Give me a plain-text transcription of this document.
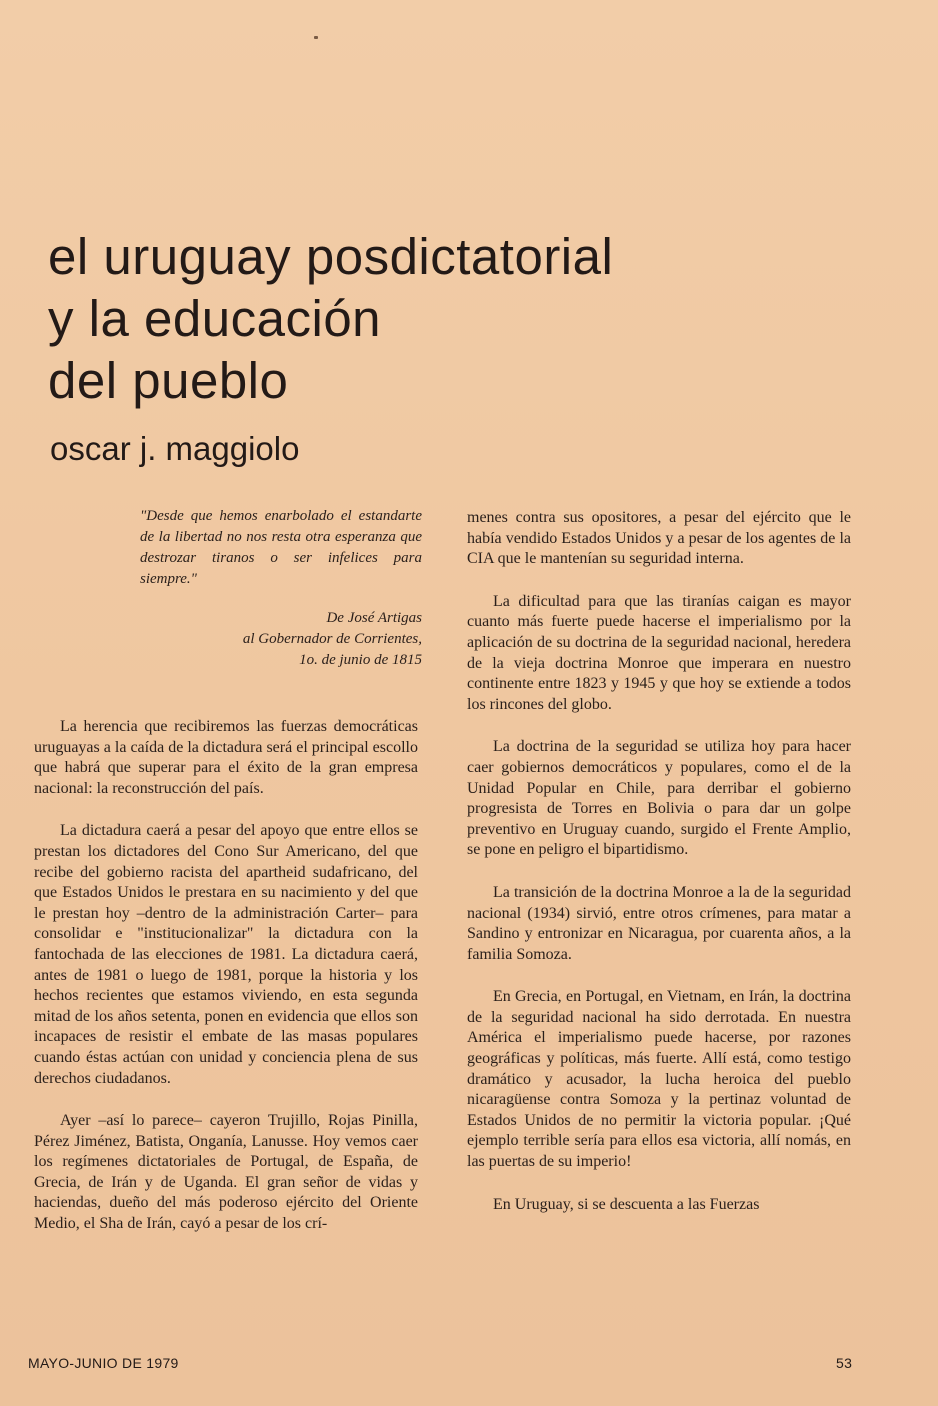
el uruguay posdictatorial
y la educación
del pueblo
oscar j. maggiolo

"Desde que hemos enarbolado el estandarte de la libertad no nos resta otra esperanza que destrozar tiranos o ser infelices para siempre."

De José Artigas
al Gobernador de Corrientes,
1o. de junio de 1815

La herencia que recibiremos las fuerzas democráticas uruguayas a la caída de la dictadura será el principal escollo que habrá que superar para el éxito de la gran empresa nacional: la reconstrucción del país.

La dictadura caerá a pesar del apoyo que entre ellos se prestan los dictadores del Cono Sur Americano, del que recibe del gobierno racista del apartheid sudafricano, del que Estados Unidos le prestara en su nacimiento y del que le prestan hoy –dentro de la administración Carter– para consolidar e "institucionalizar" la dictadura con la fantochada de las elecciones de 1981. La dictadura caerá, antes de 1981 o luego de 1981, porque la historia y los hechos recientes que estamos viviendo, en esta segunda mitad de los años setenta, ponen en evidencia que ellos son incapaces de resistir el embate de las masas populares cuando éstas actúan con unidad y conciencia plena de sus derechos ciudadanos.

Ayer –así lo parece– cayeron Trujillo, Rojas Pinilla, Pérez Jiménez, Batista, Onganía, Lanusse. Hoy vemos caer los regímenes dictatoriales de Portugal, de España, de Grecia, de Irán y de Uganda. El gran señor de vidas y haciendas, dueño del más poderoso ejército del Oriente Medio, el Sha de Irán, cayó a pesar de los crí-

menes contra sus opositores, a pesar del ejército que le había vendido Estados Unidos y a pesar de los agentes de la CIA que le mantenían su seguridad interna.

La dificultad para que las tiranías caigan es mayor cuanto más fuerte puede hacerse el imperialismo por la aplicación de su doctrina de la seguridad nacional, heredera de la vieja doctrina Monroe que imperara en nuestro continente entre 1823 y 1945 y que hoy se extiende a todos los rincones del globo.

La doctrina de la seguridad se utiliza hoy para hacer caer gobiernos democráticos y populares, como el de la Unidad Popular en Chile, para derribar el gobierno progresista de Torres en Bolivia o para dar un golpe preventivo en Uruguay cuando, surgido el Frente Amplio, se pone en peligro el bipartidismo.

La transición de la doctrina Monroe a la de la seguridad nacional (1934) sirvió, entre otros crímenes, para matar a Sandino y entronizar en Nicaragua, por cuarenta años, a la familia Somoza.

En Grecia, en Portugal, en Vietnam, en Irán, la doctrina de la seguridad nacional ha sido derrotada. En nuestra América el imperialismo puede hacerse, por razones geográficas y políticas, más fuerte. Allí está, como testigo dramático y acusador, la lucha heroica del pueblo nicaragüense contra Somoza y la pertinaz voluntad de Estados Unidos de no permitir la victoria popular. ¡Qué ejemplo terrible sería para ellos esa victoria, allí nomás, en las puertas de su imperio!

En Uruguay, si se descuenta a las Fuerzas

MAYO-JUNIO DE 1979	53
